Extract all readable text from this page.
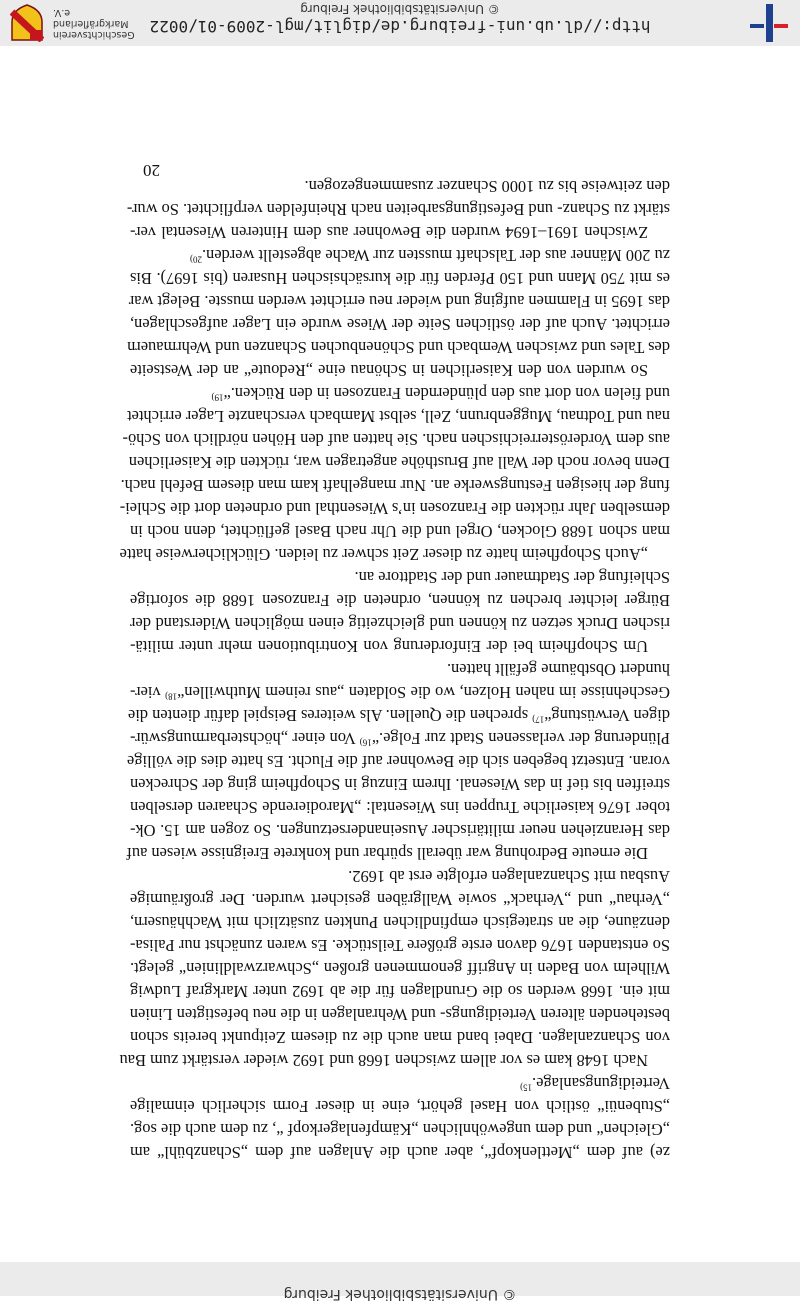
© Universitätsbibliothek Freiburg
ze) auf dem „Mettlenkopf“, aber auch die Anlagen auf dem „Schanzbühl“ am
„Gleichen“ und dem ungewöhnlichen „Kämpfenlagerkopf “, zu dem auch die sog.
„Stubenüi“ östlich von Hasel gehört, eine in dieser Form sicherlich einmalige
Verteidigungsanlage.$^{15)}$
Nach 1648 kam es vor allem zwischen 1668 und 1692 wieder verstärkt zum Bau
von Schanzanlagen. Dabei band man auch die zu diesem Zeitpunkt bereits schon
bestehenden älteren Verteidigungs- und Wehranlagen in die neu befestigten Linien
mit ein. 1668 werden so die Grundlagen für die ab 1692 unter Markgraf Ludwig
Wilhelm von Baden in Angriff genommenen großen „Schwarzwaldlinien“ gelegt.
So entstanden 1676 davon erste größere Teilstücke. Es waren zunächst nur Palisa-
denzäune, die an strategisch empfindlichen Punkten zusätzlich mit Wachhäusern,
„Verhau“ und „Verhack“ sowie Wallgräben gesichert wurden. Der großräumige
Ausbau mit Schanzanlagen erfolgte erst ab 1692.
Die erneute Bedrohung war überall spürbar und konkrete Ereignisse wiesen auf
das Heranziehen neuer militärischer Auseinandersetzungen. So zogen am 15. Ok-
tober 1676 kaiserliche Truppen ins Wiesental: „Marodierende Schaaren derselben
streiften bis tief in das Wiesenal. Ihrem Einzug in Schopfheim ging der Schrecken
voran. Entsetzt begeben sich die Bewohner auf die Flucht. Es hatte dies die völlige
Plünderung der verlassenen Stadt zur Folge.“$^{16)}$ Von einer „höchsterbarmungswür-
digen Verwüstung“$^{17)}$ sprechen die Quellen. Als weiteres Beispiel dafür dienten die
Geschehnisse im nahen Holzen, wo die Soldaten „aus reinem Muthwillen“$^{18)}$ vier-
hundert Obstbäume gefällt hatten.
Um Schopfheim bei der Einforderung von Kontributionen mehr unter militä-
rischen Druck setzen zu können und gleichzeitig einen möglichen Widerstand der
Bürger leichter brechen zu können, ordneten die Franzosen 1688 die sofortige
Schleifung der Stadtmauer und der Stadttore an.
„Auch Schopfheim hatte zu dieser Zeit schwer zu leiden. Glücklicherweise hatte
man schon 1688 Glocken, Orgel und die Uhr nach Basel geflüchtet, denn noch in
demselben Jahr rückten die Franzosen in’s Wiesenthal und ordneten dort die Schlei-
fung der hiesigen Festungswerke an. Nur mangelhaft kam man diesem Befehl nach.
Denn bevor noch der Wall auf Brusthöhe angetragen war, rückten die Kaiserlichen
aus dem Vorderösterreichischen nach. Sie hatten auf den Höhen nördlich von Schö-
nau und Todtnau, Muggenbrunn, Zell, selbst Mambach verschanzte Lager errichtet
und fielen von dort aus den plündernden Franzosen in den Rücken.“$^{19)}$
So wurden von den Kaiserlichen in Schönau eine „Redoute“ an der Westseite
des Tales und zwischen Wembach und Schönenbuchen Schanzen und Wehrmauern
errichtet. Auch auf der östlichen Seite der Wiese wurde ein Lager aufgeschlagen,
das 1695 in Flammen aufging und wieder neu errichtet werden musste. Belegt war
es mit 750 Mann und 150 Pferden für die kursächsischen Husaren (bis 1697). Bis
zu 200 Männer aus der Talschaft mussten zur Wache abgestellt werden.$^{20)}$
Zwischen 1691–1694 wurden die Bewohner aus dem Hinteren Wiesental ver-
stärkt zu Schanz- und Befestigungsarbeiten nach Rheinfelden verpflichtet. So wur-
den zeitweise bis zu 1000 Schanzer zusammengezogen.
20
http://dl.ub.uni-freiburg.de/diglit/mgl-2009-01/0022
© Universitätsbibliothek Freiburg
Geschichtsverein
Markgräflerland e.V.
